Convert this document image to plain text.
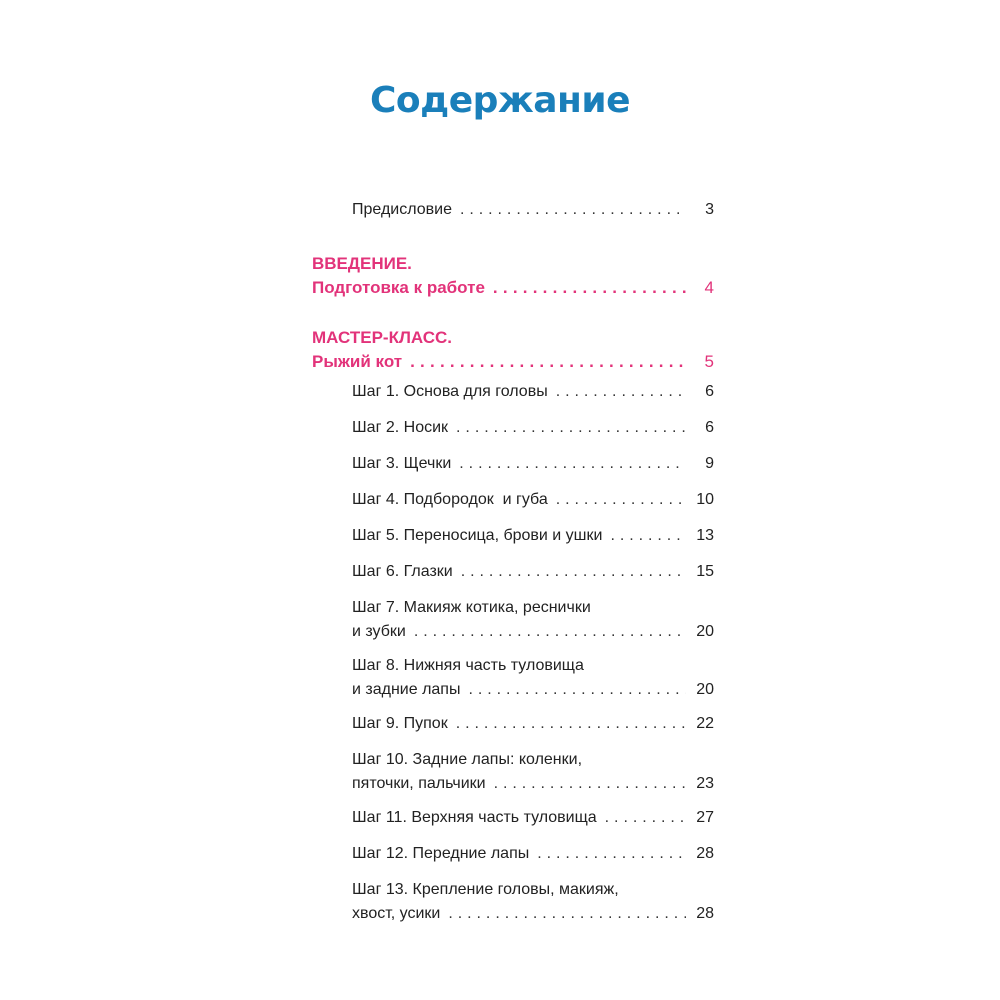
Содержание
Предисловие . . .	3
ВВЕДЕНИЕ.
Подготовка к работе . . .	4
МАСТЕР-КЛАСС.
Рыжий кот . . .	5
Шаг 1. Основа для головы . . .	6
Шаг 2. Носик . . .	6
Шаг 3. Щечки . . .	9
Шаг 4. Подбородок  и губа . . .	10
Шаг 5. Переносица, брови и ушки . . .	13
Шаг 6. Глазки . . .	15
Шаг 7. Макияж котика, реснички
и зубки . . .	20
Шаг 8. Нижняя часть туловища
и задние лапы . . .	20
Шаг 9. Пупок . . .	22
Шаг 10. Задние лапы: коленки,
пяточки, пальчики . . .	23
Шаг 11. Верхняя часть туловища . . .	27
Шаг 12. Передние лапы . . .	28
Шаг 13. Крепление головы, макияж,
хвост, усики . . .	28
